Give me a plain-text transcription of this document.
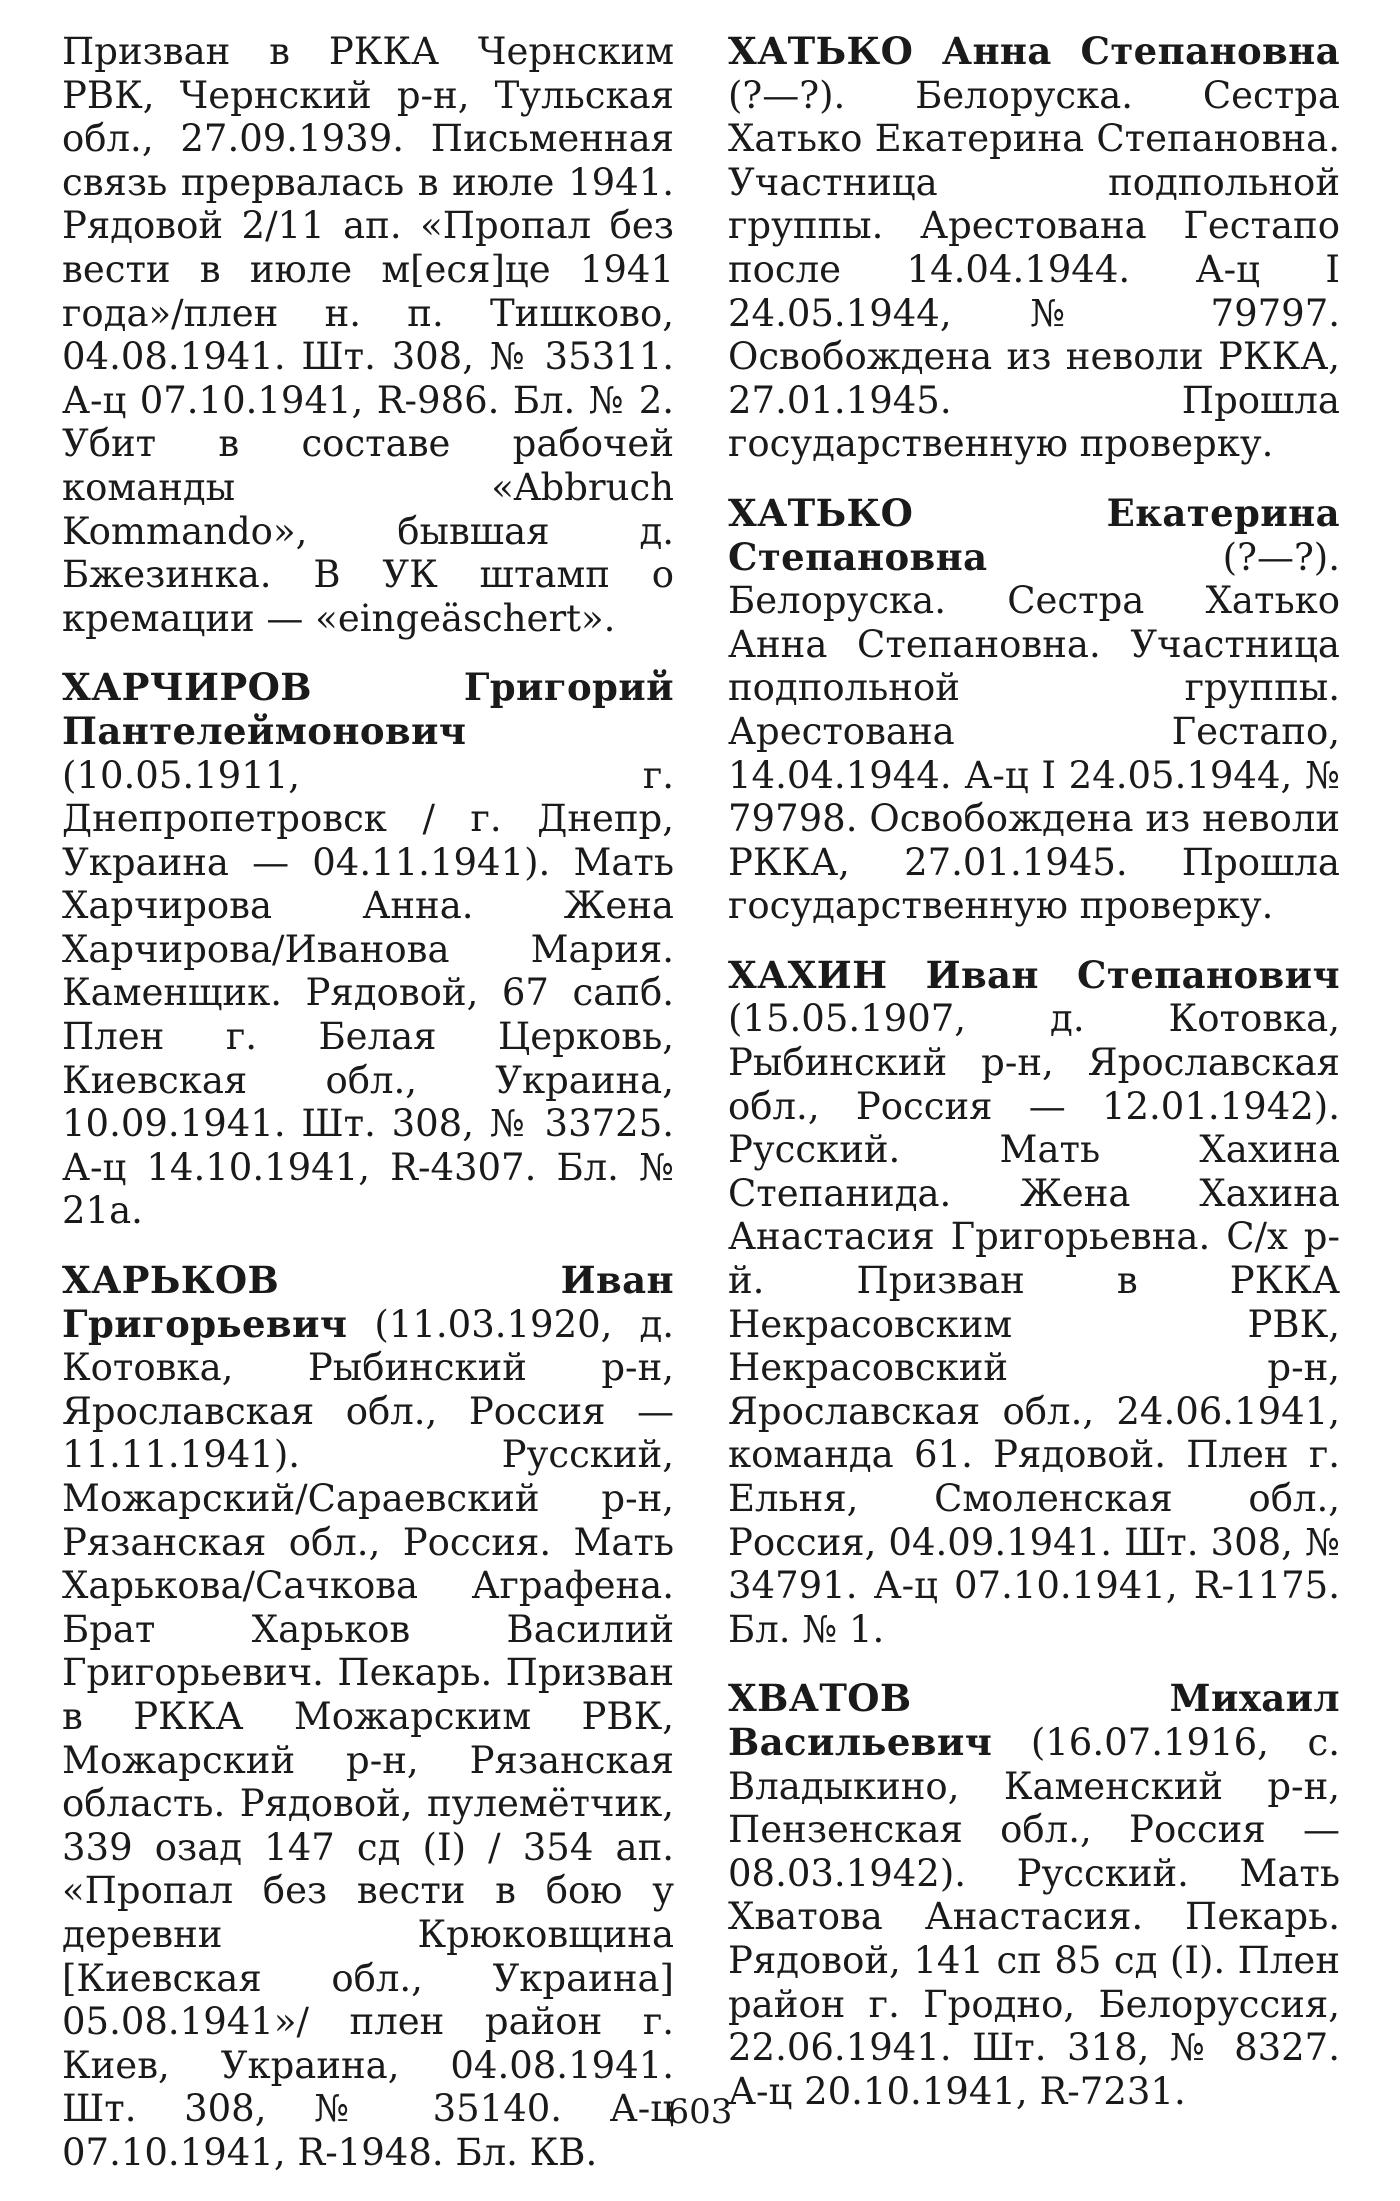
Призван в РККА Чернским РВК, Чернский р-н, Тульская обл., 27.09.1939. Письменная связь прервалась в июле 1941. Рядовой 2/11 ап. «Пропал без вести в июле м[еся]це 1941 года»/плен н. п. Тишково, 04.08.1941. Шт. 308, № 35311. А-ц 07.10.1941, R-986. Бл. № 2. Убит в составе рабочей команды «Abbruch Kommando», бывшая д. Бжезинка. В УК штамп о кремации — «eingeäschert».

ХАРЧИРОВ Григорий Пантелеймонович (10.05.1911, г. Днепропетровск / г. Днепр, Украина — 04.11.1941). Мать Харчирова Анна. Жена Харчирова/Иванова Мария. Каменщик. Рядовой, 67 сапб. Плен г. Белая Церковь, Киевская обл., Украина, 10.09.1941. Шт. 308, № 33725. А-ц 14.10.1941, R-4307. Бл. № 21а.

ХАРЬКОВ Иван Григорьевич (11.03.1920, д. Котовка, Рыбинский р-н, Ярославская обл., Россия — 11.11.1941). Русский, Можарский/Сараевский р-н, Рязанская обл., Россия. Мать Харькова/Сачкова Аграфена. Брат Харьков Василий Григорьевич. Пекарь. Призван в РККА Можарским РВК, Можарский р-н, Рязанская область. Рядовой, пулемётчик, 339 озад 147 сд (I) / 354 ап. «Пропал без вести в бою у деревни Крюковщина [Киевская обл., Украина] 05.08.1941»/ плен район г. Киев, Украина, 04.08.1941. Шт. 308, № 35140. А-ц 07.10.1941, R-1948. Бл. КВ.

ХАТЬКО Анна Степановна (?—?). Белоруска. Сестра Хатько Екатерина Степановна. Участница подпольной группы. Арестована Гестапо после 14.04.1944. А-ц I 24.05.1944, № 79797. Освобождена из неволи РККА, 27.01.1945. Прошла государственную проверку.

ХАТЬКО Екатерина Степановна (?—?). Белоруска. Сестра Хатько Анна Степановна. Участница подпольной группы. Арестована Гестапо, 14.04.1944. А-ц I 24.05.1944, № 79798. Освобождена из неволи РККА, 27.01.1945. Прошла государственную проверку.

ХАХИН Иван Степанович (15.05.1907, д. Котовка, Рыбинский р-н, Ярославская обл., Россия — 12.01.1942). Русский. Мать Хахина Степанида. Жена Хахина Анастасия Григорьевна. С/х р-й. Призван в РККА Некрасовским РВК, Некрасовский р-н, Ярославская обл., 24.06.1941, команда 61. Рядовой. Плен г. Ельня, Смоленская обл., Россия, 04.09.1941. Шт. 308, № 34791. А-ц 07.10.1941, R-1175. Бл. № 1.

ХВАТОВ Михаил Васильевич (16.07.1916, с. Владыкино, Каменский р-н, Пензенская обл., Россия — 08.03.1942). Русский. Мать Хватова Анастасия. Пекарь. Рядовой, 141 сп 85 сд (I). Плен район г. Гродно, Белоруссия, 22.06.1941. Шт. 318, № 8327. А-ц 20.10.1941, R-7231.

603
